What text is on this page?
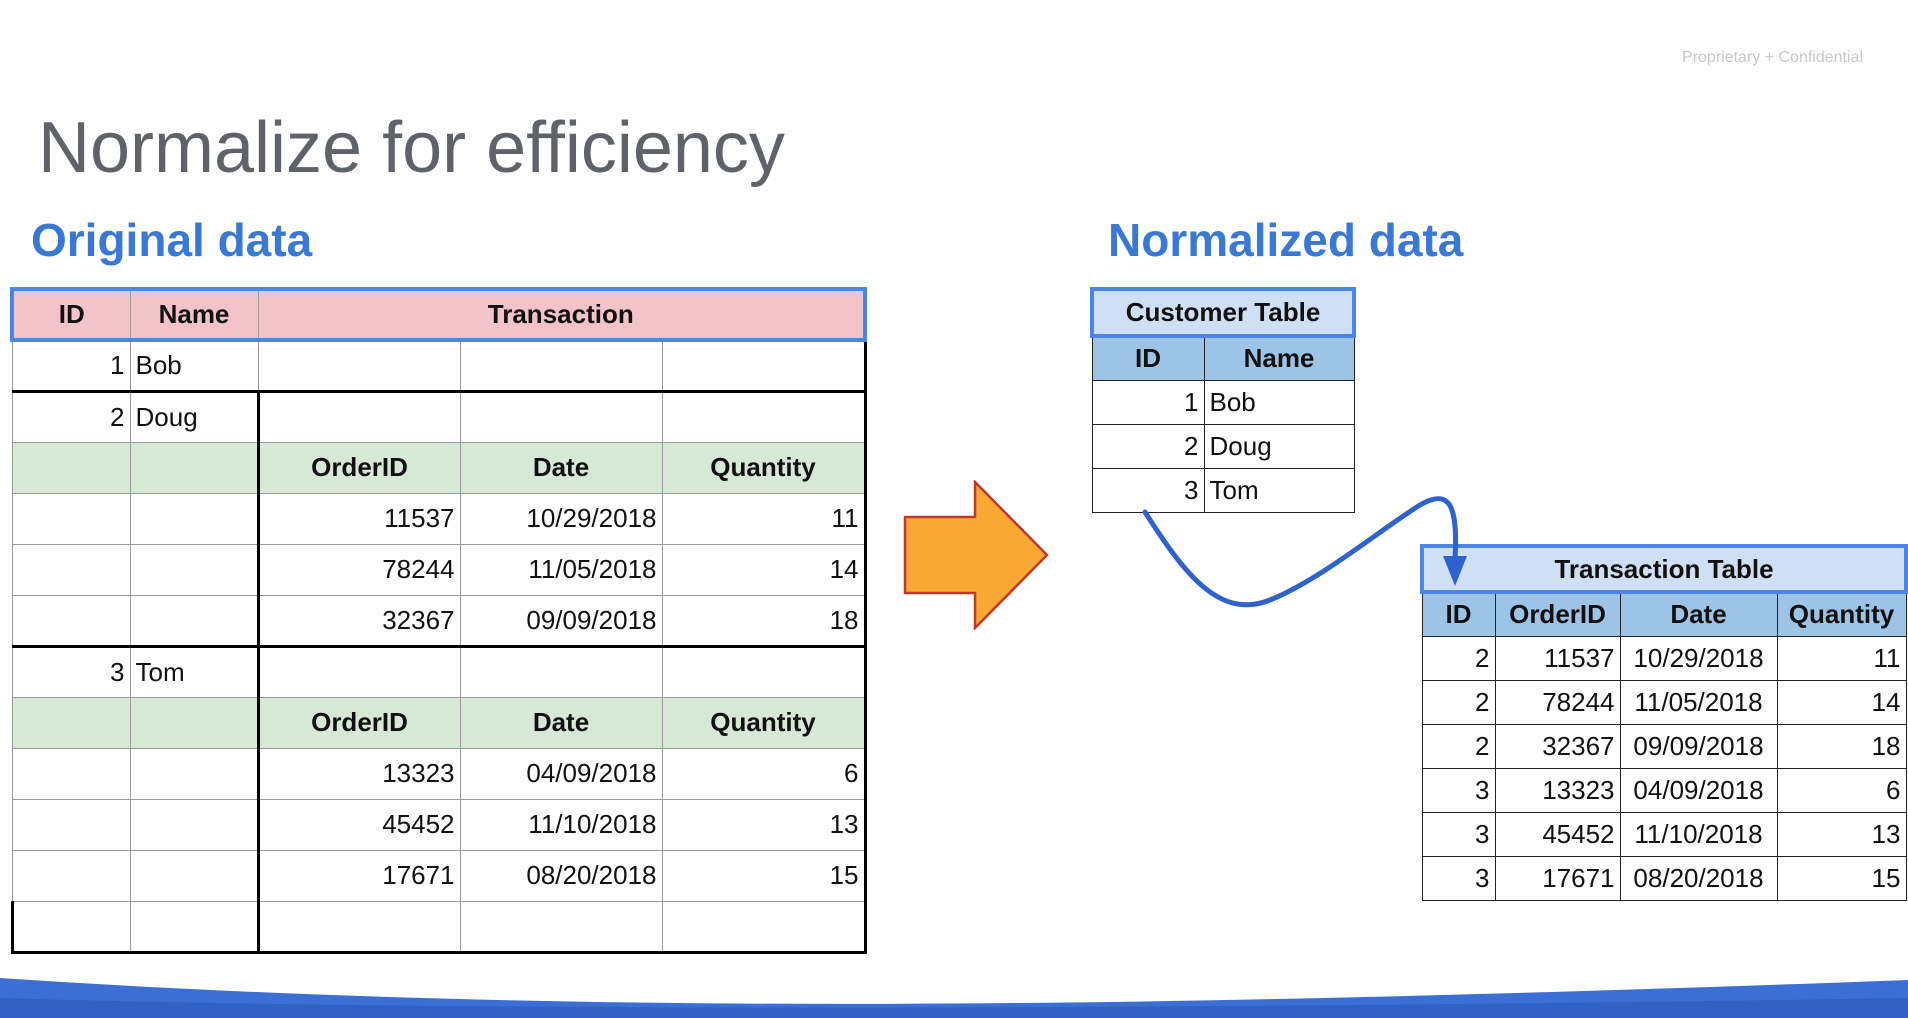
Proprietary + Confidential
Normalize for efficiency
Original data	Normalized data
ID	Name	Transaction		
1	Bob			
2	Doug			
		OrderID	Date	Quantity
		11537	10/29/2018	11
		78244	11/05/2018	14
		32367	09/09/2018	18
3	Tom			
		OrderID	Date	Quantity
		13323	04/09/2018	6
		45452	11/10/2018	13
		17671	08/20/2018	15

Customer Table	
ID	Name
1	Bob
2	Doug
3	Tom
Transaction Table			
ID	OrderID	Date	Quantity
2	11537	10/29/2018	11
2	78244	11/05/2018	14
2	32367	09/09/2018	18
3	13323	04/09/2018	6
3	45452	11/10/2018	13
3	17671	08/20/2018	15
